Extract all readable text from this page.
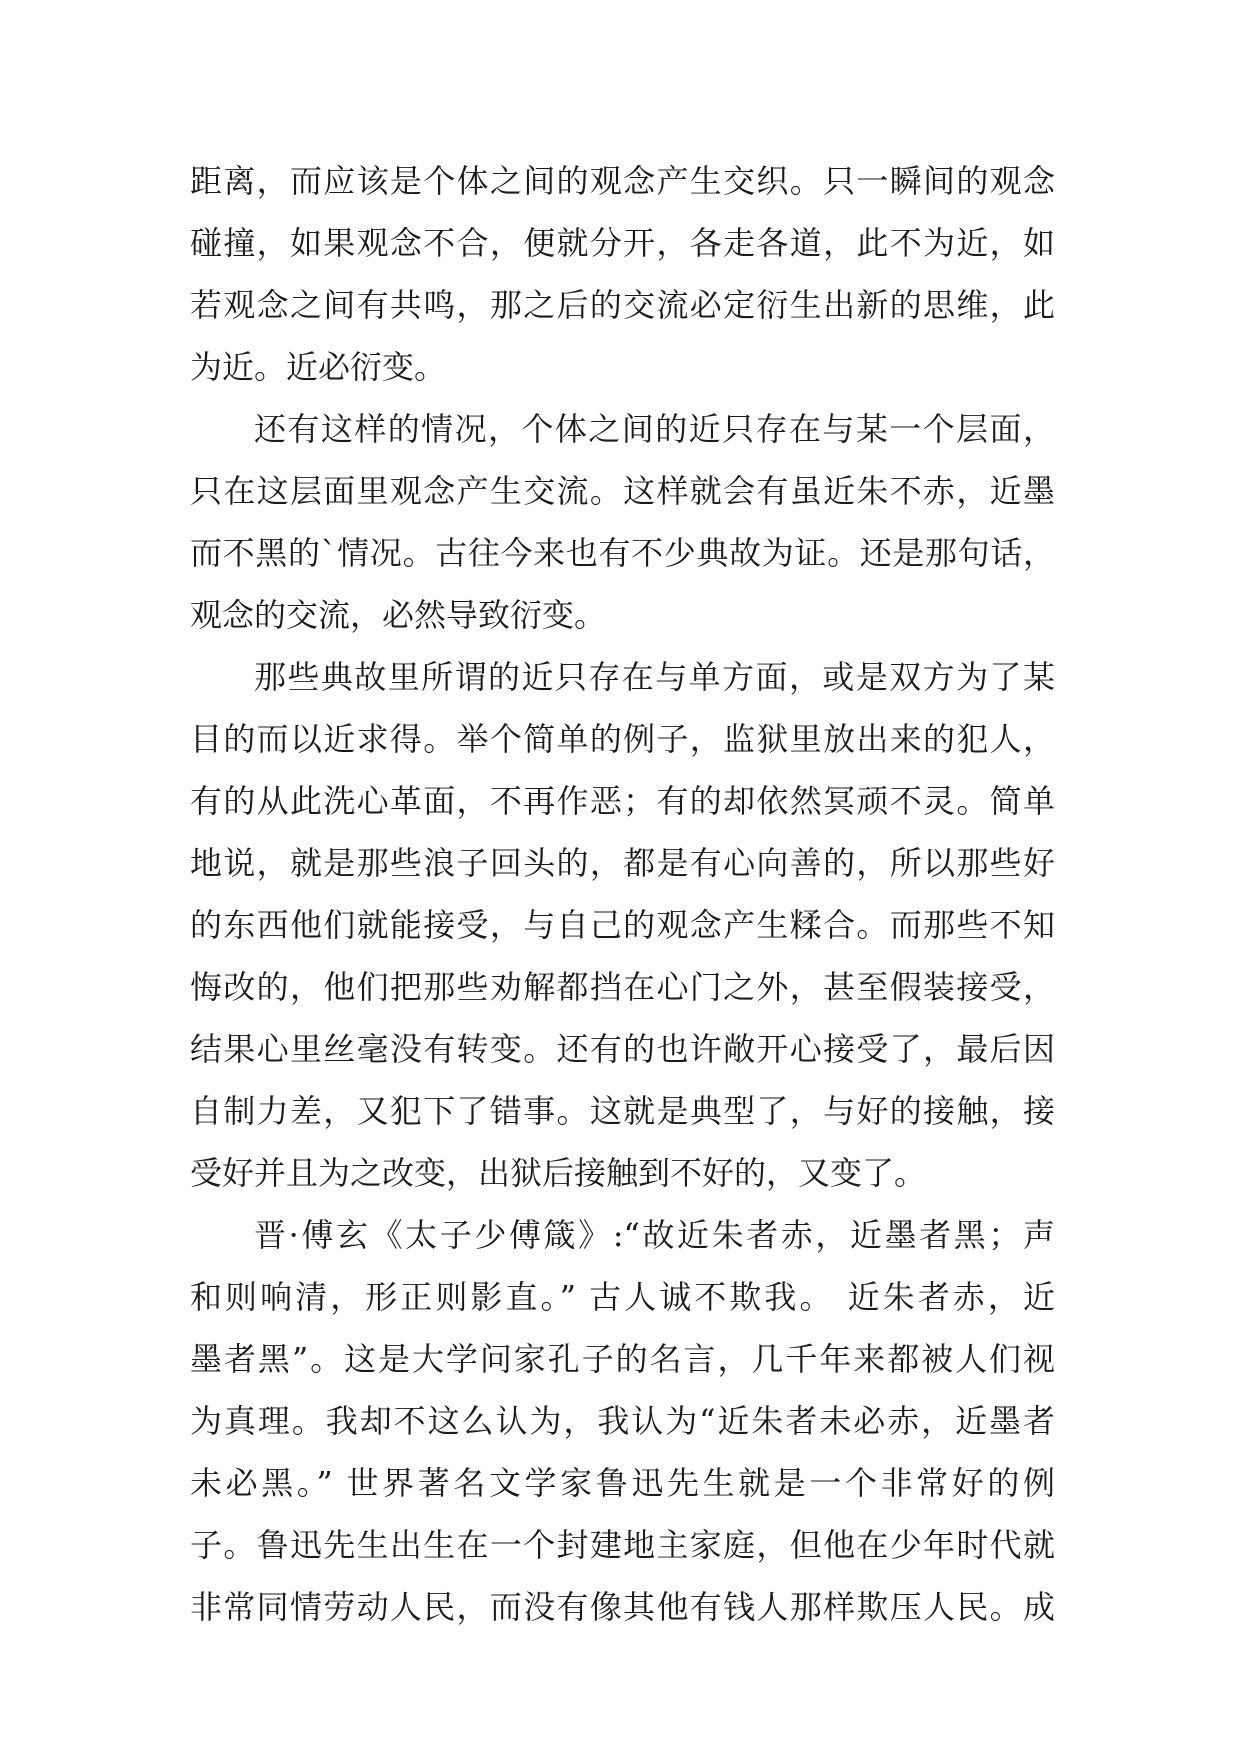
距离，而应该是个体之间的观念产生交织。只一瞬间的观念
碰撞，如果观念不合，便就分开，各走各道，此不为近，如
若观念之间有共鸣，那之后的交流必定衍生出新的思维，此
为近。近必衍变。
还有这样的情况，个体之间的近只存在与某一个层面，
只在这层面里观念产生交流。这样就会有虽近朱不赤，近墨
而不黑的`情况。古往今来也有不少典故为证。还是那句话，
观念的交流，必然导致衍变。
那些典故里所谓的近只存在与单方面，或是双方为了某
目的而以近求得。举个简单的例子，监狱里放出来的犯人，
有的从此洗心革面，不再作恶；有的却依然冥顽不灵。简单
地说，就是那些浪子回头的，都是有心向善的，所以那些好
的东西他们就能接受，与自己的观念产生糅合。而那些不知
悔改的，他们把那些劝解都挡在心门之外，甚至假装接受，
结果心里丝毫没有转变。还有的也许敞开心接受了，最后因
自制力差，又犯下了错事。这就是典型了，与好的接触，接
受好并且为之改变，出狱后接触到不好的，又变了。
晋·傅玄《太子少傅箴》:“故近朱者赤，近墨者黑；声
和则响清，形正则影直。” 古人诚不欺我。 近朱者赤，近
墨者黑”。这是大学问家孔子的名言，几千年来都被人们视
为真理。我却不这么认为，我认为“近朱者未必赤，近墨者
未必黑。” 世界著名文学家鲁迅先生就是一个非常好的例
子。鲁迅先生出生在一个封建地主家庭，但他在少年时代就
非常同情劳动人民，而没有像其他有钱人那样欺压人民。成
